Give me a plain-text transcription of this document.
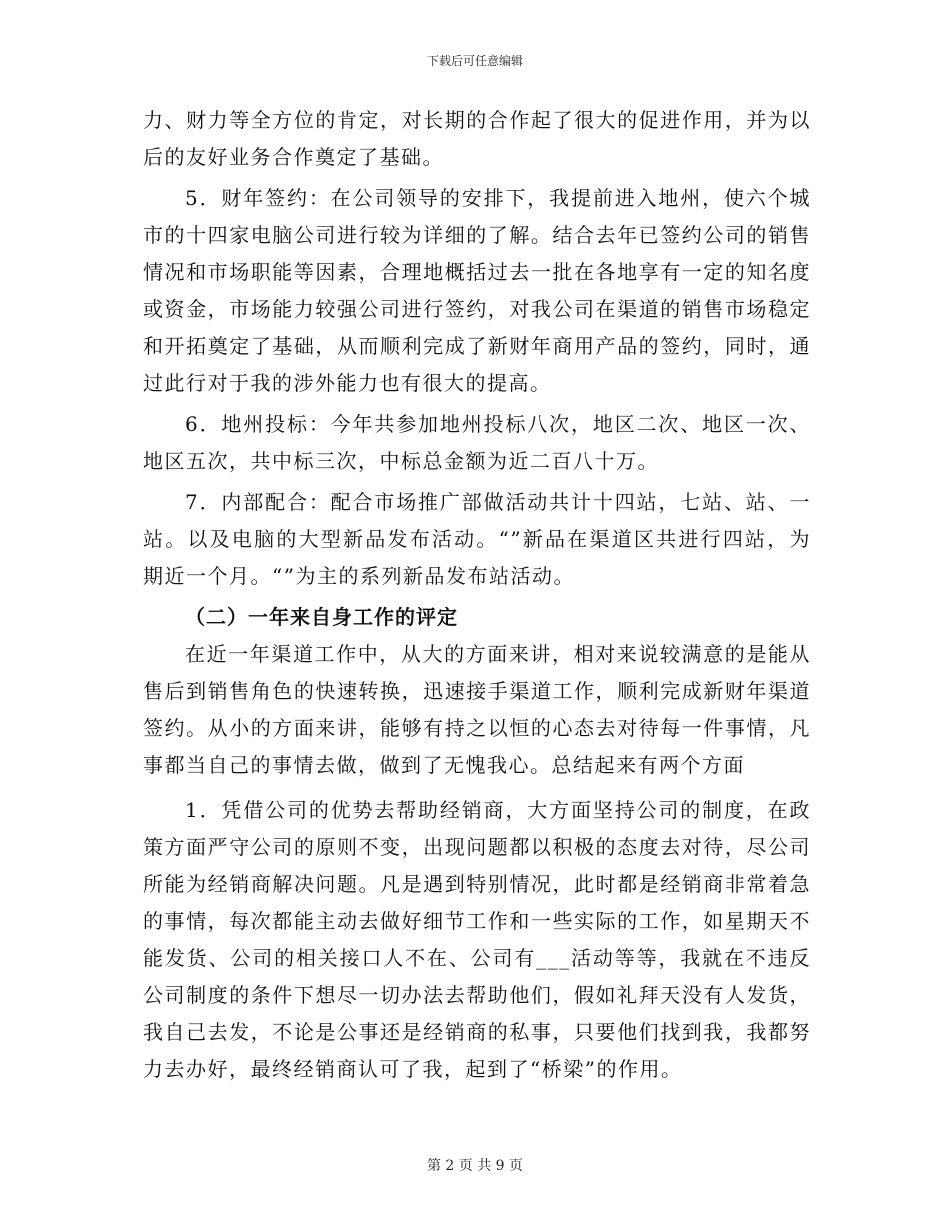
下载后可任意编辑

力、财力等全方位的肯定，对长期的合作起了很大的促进作用，并为以后的友好业务合作奠定了基础。

5．财年签约：在公司领导的安排下，我提前进入地州，使六个城市的十四家电脑公司进行较为详细的了解。结合去年已签约公司的销售情况和市场职能等因素，合理地概括过去一批在各地享有一定的知名度或资金，市场能力较强公司进行签约，对我公司在渠道的销售市场稳定和开拓奠定了基础，从而顺利完成了新财年商用产品的签约，同时，通过此行对于我的涉外能力也有很大的提高。

6．地州投标：今年共参加地州投标八次，地区二次、地区一次、地区五次，共中标三次，中标总金额为近二百八十万。

7．内部配合：配合市场推广部做活动共计十四站，七站、站、一站。以及电脑的大型新品发布活动。“”新品在渠道区共进行四站，为期近一个月。“”为主的系列新品发布站活动。

（二）一年来自身工作的评定

在近一年渠道工作中，从大的方面来讲，相对来说较满意的是能从售后到销售角色的快速转换，迅速接手渠道工作，顺利完成新财年渠道签约。从小的方面来讲，能够有持之以恒的心态去对待每一件事情，凡事都当自己的事情去做，做到了无愧我心。总结起来有两个方面

1．凭借公司的优势去帮助经销商，大方面坚持公司的制度，在政策方面严守公司的原则不变，出现问题都以积极的态度去对待，尽公司所能为经销商解决问题。凡是遇到特别情况，此时都是经销商非常着急的事情，每次都能主动去做好细节工作和一些实际的工作，如星期天不能发货、公司的相关接口人不在、公司有___活动等等，我就在不违反公司制度的条件下想尽一切办法去帮助他们，假如礼拜天没有人发货，我自己去发，不论是公事还是经销商的私事，只要他们找到我，我都努力去办好，最终经销商认可了我，起到了“桥梁”的作用。

第 2 页 共 9 页
